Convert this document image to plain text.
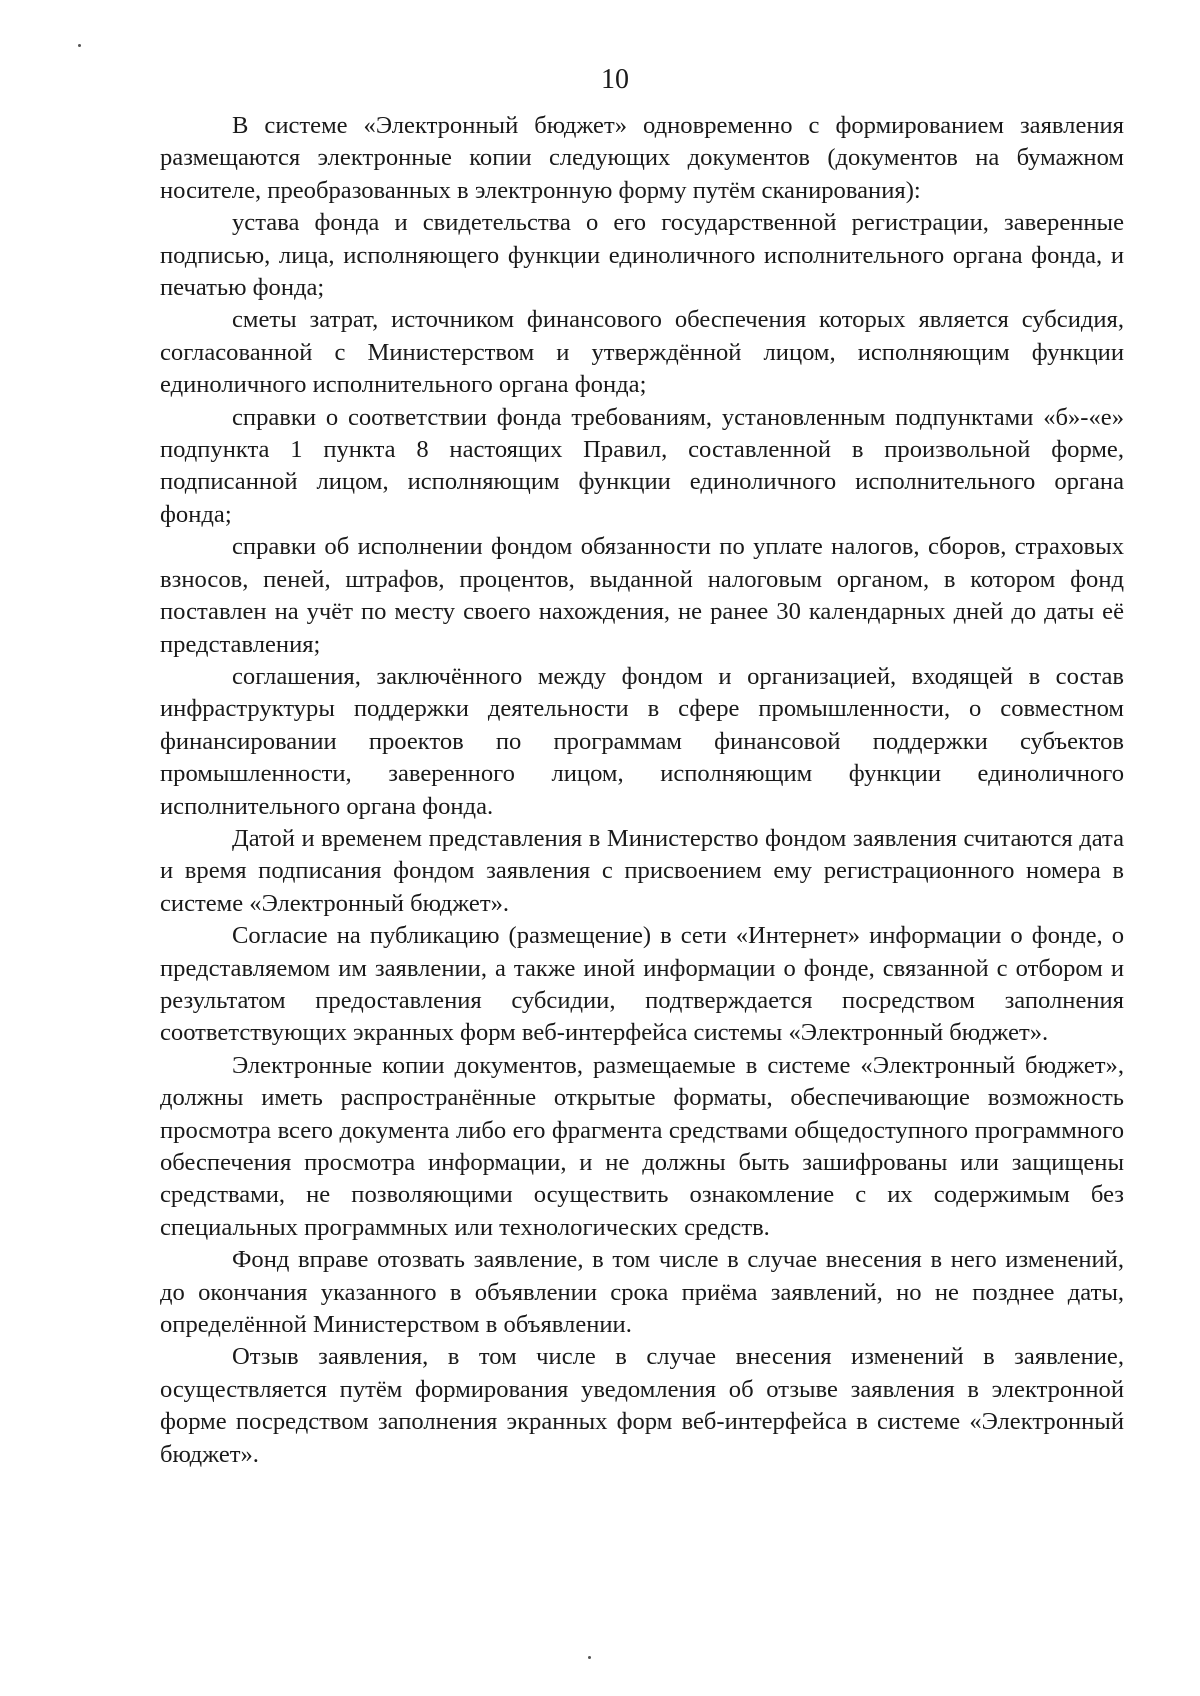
10

В системе «Электронный бюджет» одновременно с формированием заявления размещаются электронные копии следующих документов (документов на бумажном носителе, преобразованных в электронную форму путём сканирования):

устава фонда и свидетельства о его государственной регистрации, заверенные подписью, лица, исполняющего функции единоличного исполнительного органа фонда, и печатью фонда;

сметы затрат, источником финансового обеспечения которых является субсидия, согласованной с Министерством и утверждённой лицом, исполняющим функции единоличного исполнительного органа фонда;

справки о соответствии фонда требованиям, установленным подпунктами «б»-«е» подпункта 1 пункта 8 настоящих Правил, составленной в произвольной форме, подписанной лицом, исполняющим функции единоличного исполнительного органа фонда;

справки об исполнении фондом обязанности по уплате налогов, сборов, страховых взносов, пеней, штрафов, процентов, выданной налоговым органом, в котором фонд поставлен на учёт по месту своего нахождения, не ранее 30 календарных дней до даты её представления;

соглашения, заключённого между фондом и организацией, входящей в состав инфраструктуры поддержки деятельности в сфере промышленности, о совместном финансировании проектов по программам финансовой поддержки субъектов промышленности, заверенного лицом, исполняющим функции единоличного исполнительного органа фонда.

Датой и временем представления в Министерство фондом заявления считаются дата и время подписания фондом заявления с присвоением ему регистрационного номера в системе «Электронный бюджет».

Согласие на публикацию (размещение) в сети «Интернет» информации о фонде, о представляемом им заявлении, а также иной информации о фонде, связанной с отбором и результатом предоставления субсидии, подтверждается посредством заполнения соответствующих экранных форм веб-интерфейса системы «Электронный бюджет».

Электронные копии документов, размещаемые в системе «Электронный бюджет», должны иметь распространённые открытые форматы, обеспечивающие возможность просмотра всего документа либо его фрагмента средствами общедоступного программного обеспечения просмотра информации, и не должны быть зашифрованы или защищены средствами, не позволяющими осуществить ознакомление с их содержимым без специальных программных или технологических средств.

Фонд вправе отозвать заявление, в том числе в случае внесения в него изменений, до окончания указанного в объявлении срока приёма заявлений, но не позднее даты, определённой Министерством в объявлении.

Отзыв заявления, в том числе в случае внесения изменений в заявление, осуществляется путём формирования уведомления об отзыве заявления в электронной форме посредством заполнения экранных форм веб-интерфейса в системе «Электронный бюджет».
